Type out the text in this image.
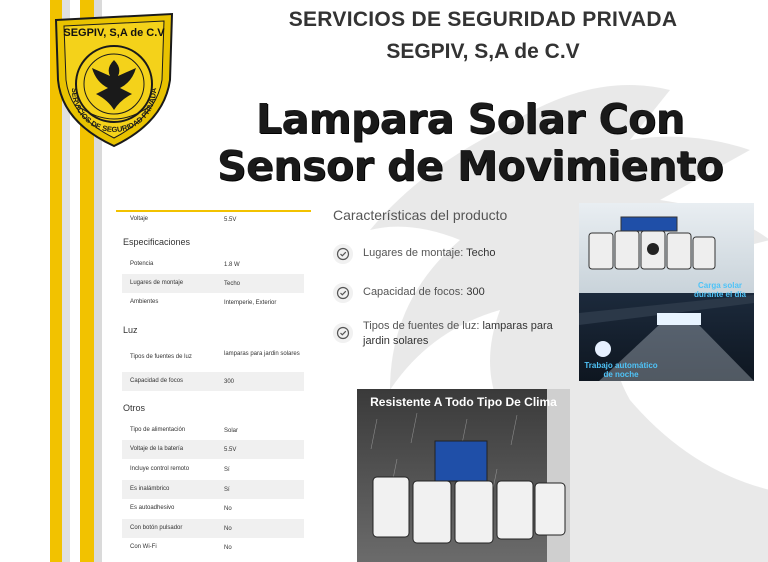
SEGPIV, S,A de C.V
SERVICIOS DE SEGURIDAD PRIVADA
SERVICIOS DE SEGURIDAD PRIVADA
SEGPIV, S,A de C.V
Lampara Solar Con
Sensor de Movimiento
Voltaje	5.5V
Especificaciones
Potencia	1.8 W
Lugares de montaje	Techo
Ambientes	Intemperie, Exterior
Luz
Tipos de fuentes de luz	lamparas para jardin solares
Capacidad de focos	300
Otros
Tipo de alimentación	Solar
Voltaje de la batería	5.5V
Incluye control remoto	Sí
Es inalámbrico	Sí
Es autoadhesivo	No
Con botón pulsador	No
Con Wi-Fi	No
Características del producto
Lugares de montaje: Techo
Capacidad de focos: 300
Tipos de fuentes de luz: lamparas para jardin solares
Carga solar durante el día
Trabajo automático de noche
Resistente A Todo Tipo De Clima
